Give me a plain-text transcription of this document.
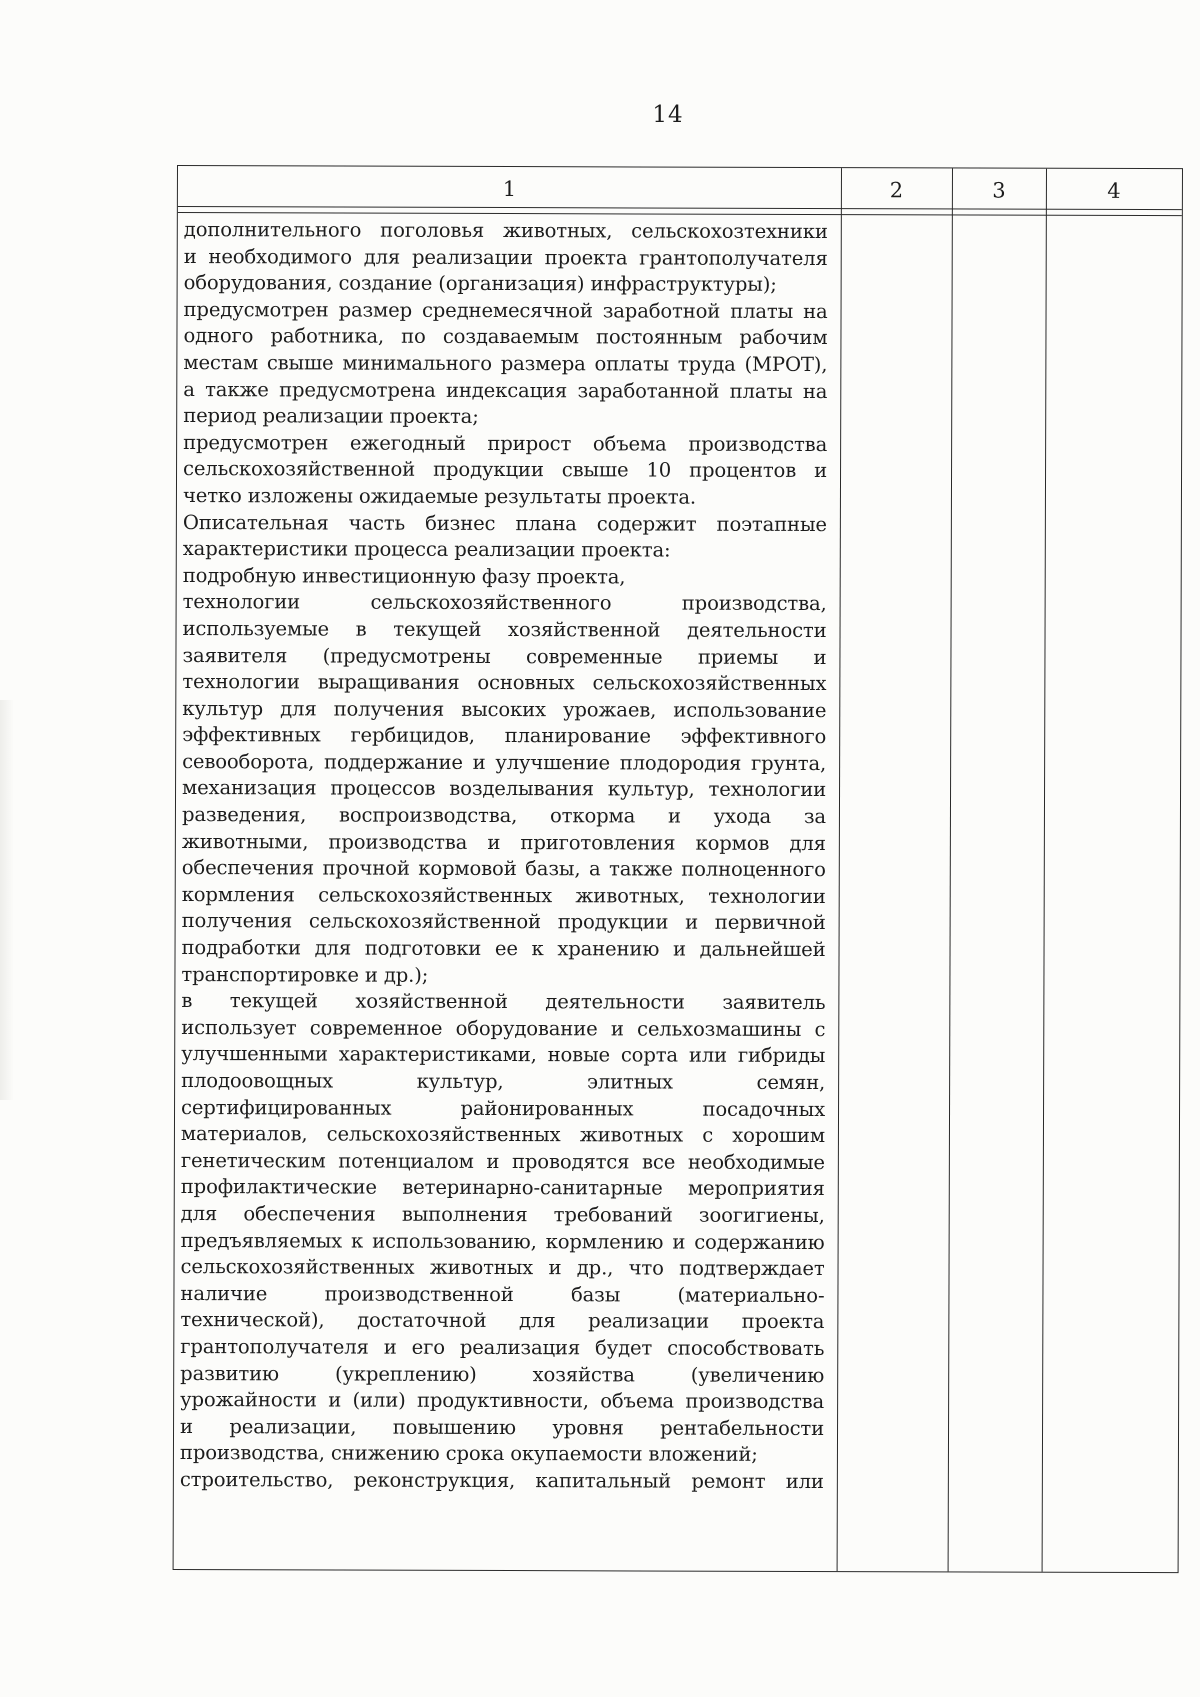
14
1	2	3	4
дополнительного поголовья животных, сельскохозтехники
и необходимого для реализации проекта грантополучателя
оборудования, создание (организация) инфраструктуры);
предусмотрен размер среднемесячной заработной платы на
одного работника, по создаваемым постоянным рабочим
местам свыше минимального размера оплаты труда (МРОТ),
а также предусмотрена индексация заработанной платы на
период реализации проекта;
предусмотрен ежегодный прирост объема производства
сельскохозяйственной продукции свыше 10 процентов и
четко изложены ожидаемые результаты проекта.
Описательная часть бизнес плана содержит поэтапные
характеристики процесса реализации проекта:
подробную инвестиционную фазу проекта,
технологии сельскохозяйственного производства,
используемые в текущей хозяйственной деятельности
заявителя (предусмотрены современные приемы и
технологии выращивания основных сельскохозяйственных
культур для получения высоких урожаев, использование
эффективных гербицидов, планирование эффективного
севооборота, поддержание и улучшение плодородия грунта,
механизация процессов возделывания культур, технологии
разведения, воспроизводства, откорма и ухода за
животными, производства и приготовления кормов для
обеспечения прочной кормовой базы, а также полноценного
кормления сельскохозяйственных животных, технологии
получения сельскохозяйственной продукции и первичной
подработки для подготовки ее к хранению и дальнейшей
транспортировке и др.);
в текущей хозяйственной деятельности заявитель
использует современное оборудование и сельхозмашины с
улучшенными характеристиками, новые сорта или гибриды
плодоовощных культур, элитных семян,
сертифицированных районированных посадочных
материалов, сельскохозяйственных животных с хорошим
генетическим потенциалом и проводятся все необходимые
профилактические ветеринарно-санитарные мероприятия
для обеспечения выполнения требований зоогигиены,
предъявляемых к использованию, кормлению и содержанию
сельскохозяйственных животных и др., что подтверждает
наличие производственной базы (материально-
технической), достаточной для реализации проекта
грантополучателя и его реализация будет способствовать
развитию (укреплению) хозяйства (увеличению
урожайности и (или) продуктивности, объема производства
и реализации, повышению уровня рентабельности
производства, снижению срока окупаемости вложений;
строительство, реконструкция, капитальный ремонт или
